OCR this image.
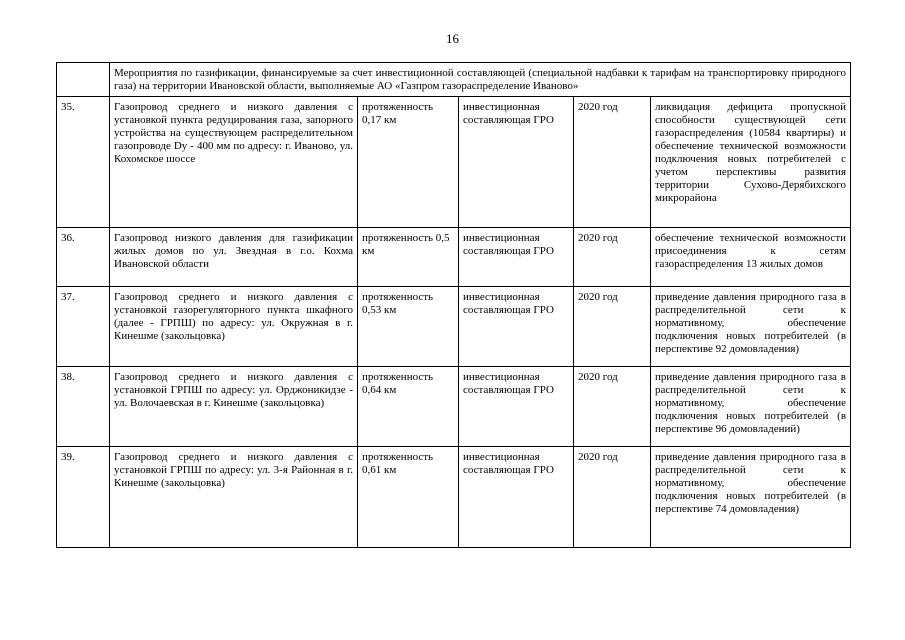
16
	Мероприятия по газификации, финансируемые за счет инвестиционной составляющей (специальной надбавки к тарифам на транспортировку природного газа) на территории Ивановской области, выполняемые АО «Газпром газораспределение Иваново»				
35.	Газопровод среднего и низкого давления с установкой пункта редуцирования газа, запорного устройства на существующем распределительном газопроводе Dу - 400 мм по адресу: г. Иваново, ул. Кохомское шоссе	протяженность 0,17 км	инвестиционная составляющая ГРО	2020 год	ликвидация дефицита пропускной способности существующей сети газораспределения (10584 квартиры) и обеспечение технической возможности подключения новых потребителей с учетом перспективы развития территории Сухово-Дерябихского микрорайона
36.	Газопровод низкого давления для газификации жилых домов по ул. Звездная в г.о. Кохма Ивановской области	протяженность 0,5 км	инвестиционная составляющая ГРО	2020 год	обеспечение технической возможности присоединения к сетям газораспределения 13 жилых домов
37.	Газопровод среднего и низкого давления с установкой газорегуляторного пункта шкафного (далее - ГРПШ) по адресу: ул. Окружная в г. Кинешме (закольцовка)	протяженность 0,53 км	инвестиционная составляющая ГРО	2020 год	приведение давления природного газа в распределительной сети к нормативному, обеспечение подключения новых потребителей (в перспективе 92 домовладения)
38.	Газопровод среднего и низкого давления с установкой ГРПШ по адресу: ул. Орджоникидзе - ул. Волочаевская в г. Кинешме (закольцовка)	протяженность 0,64 км	инвестиционная составляющая ГРО	2020 год	приведение давления природного газа в распределительной сети к нормативному, обеспечение подключения новых потребителей (в перспективе 96 домовладений)
39.	Газопровод среднего и низкого давления с установкой ГРПШ по адресу: ул. 3-я Районная в г. Кинешме (закольцовка)	протяженность 0,61 км	инвестиционная составляющая ГРО	2020 год	приведение давления природного газа в распределительной сети к нормативному, обеспечение подключения новых потребителей (в перспективе 74 домовладения)
